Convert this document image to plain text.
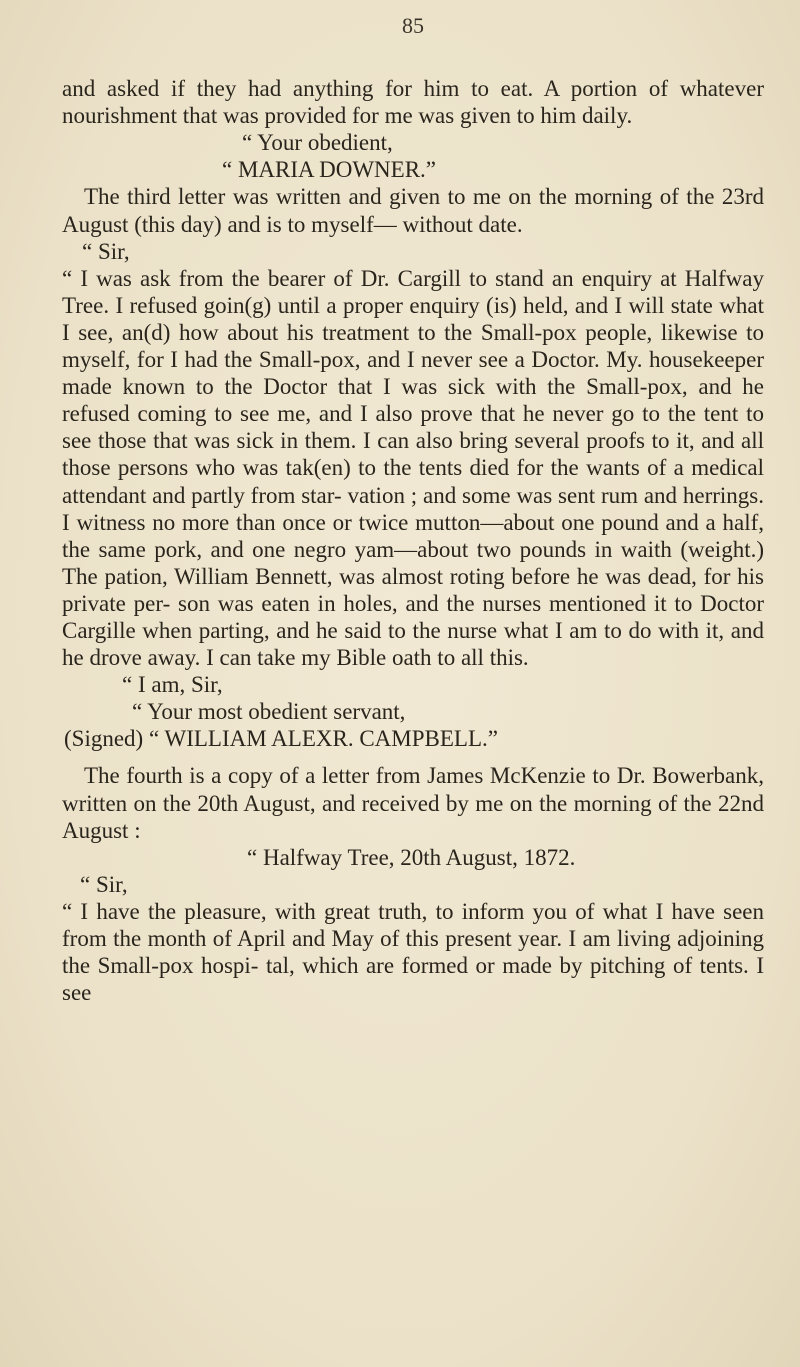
85

and asked if they had anything for him to eat. A portion of whatever nourishment that was provided for me was given to him daily.

“ Your obedient,
“ MARIA DOWNER.”

The third letter was written and given to me on the morning of the 23rd August (this day) and is to myself— without date.

“ Sir,

“ I was ask from the bearer of Dr. Cargill to stand an enquiry at Halfway Tree. I refused goin(g) until a proper enquiry (is) held, and I will state what I see, an(d) how about his treatment to the Small-pox people, likewise to myself, for I had the Small-pox, and I never see a Doctor. My. housekeeper made known to the Doctor that I was sick with the Small-pox, and he refused coming to see me, and I also prove that he never go to the tent to see those that was sick in them. I can also bring several proofs to it, and all those persons who was tak(en) to the tents died for the wants of a medical attendant and partly from star- vation ; and some was sent rum and herrings. I witness no more than once or twice mutton—about one pound and a half, the same pork, and one negro yam—about two pounds in waith (weight.) The pation, William Bennett, was almost roting before he was dead, for his private per- son was eaten in holes, and the nurses mentioned it to Doctor Cargille when parting, and he said to the nurse what I am to do with it, and he drove away. I can take my Bible oath to all this.

“ I am, Sir,
“ Your most obedient servant,
(Signed) “ WILLIAM ALEXR. CAMPBELL.”

The fourth is a copy of a letter from James McKenzie to Dr. Bowerbank, written on the 20th August, and received by me on the morning of the 22nd August :

“ Halfway Tree, 20th August, 1872.
“ Sir,

“ I have the pleasure, with great truth, to inform you of what I have seen from the month of April and May of this present year. I am living adjoining the Small-pox hospi- tal, which are formed or made by pitching of tents. I see
